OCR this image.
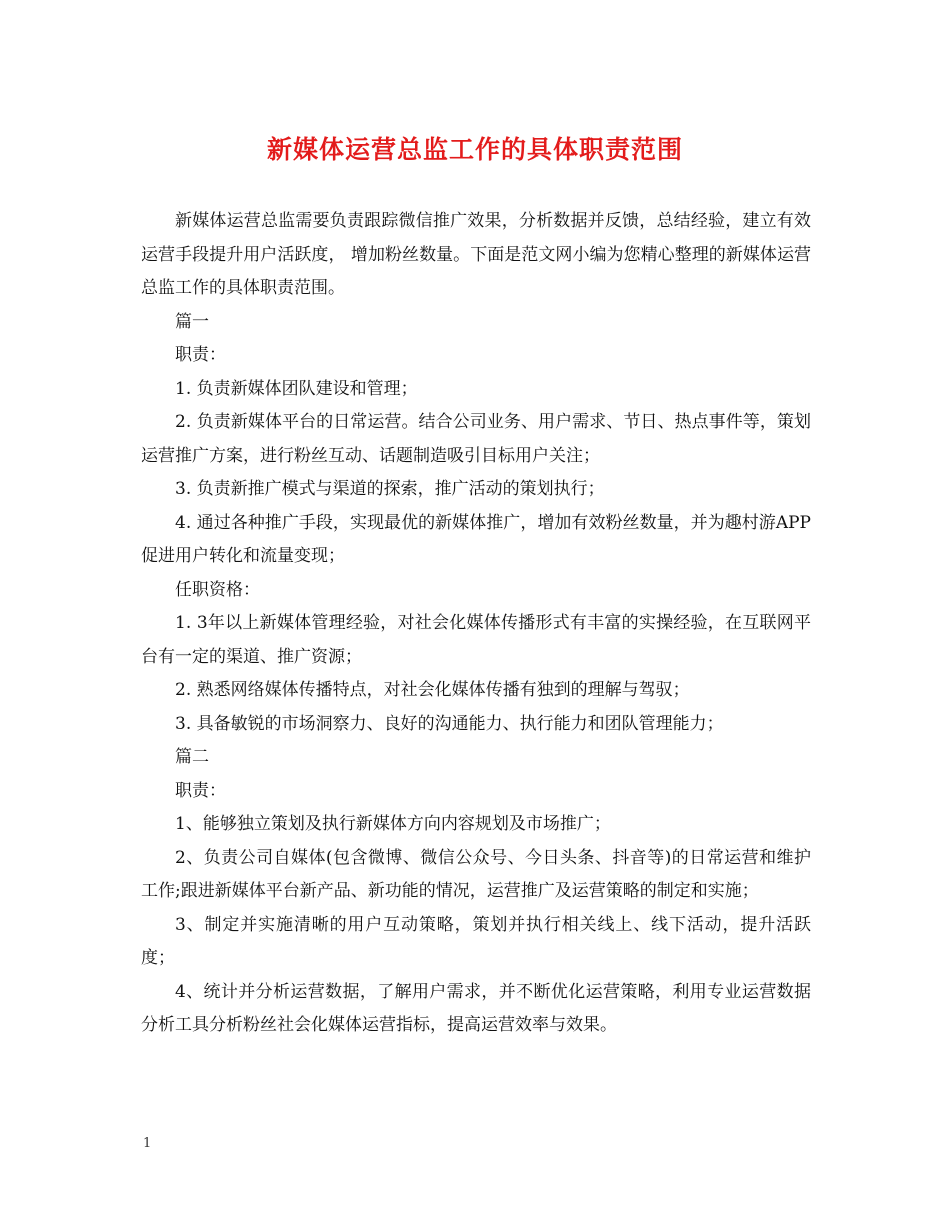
新媒体运营总监工作的具体职责范围

新媒体运营总监需要负责跟踪微信推广效果，分析数据并反馈，总结经验，建立有效运营手段提升用户活跃度， 增加粉丝数量。下面是范文网小编为您精心整理的新媒体运营总监工作的具体职责范围。

篇一

职责：

1. 负责新媒体团队建设和管理；

2. 负责新媒体平台的日常运营。结合公司业务、用户需求、节日、热点事件等，策划运营推广方案，进行粉丝互动、话题制造吸引目标用户关注；

3. 负责新推广模式与渠道的探索，推广活动的策划执行；

4. 通过各种推广手段，实现最优的新媒体推广，增加有效粉丝数量，并为趣村游APP促进用户转化和流量变现；

任职资格：

1. 3年以上新媒体管理经验，对社会化媒体传播形式有丰富的实操经验，在互联网平台有一定的渠道、推广资源；

2. 熟悉网络媒体传播特点，对社会化媒体传播有独到的理解与驾驭；

3. 具备敏锐的市场洞察力、良好的沟通能力、执行能力和团队管理能力；

篇二

职责：

1、能够独立策划及执行新媒体方向内容规划及市场推广；

2、负责公司自媒体(包含微博、微信公众号、今日头条、抖音等)的日常运营和维护工作;跟进新媒体平台新产品、新功能的情况，运营推广及运营策略的制定和实施；

3、制定并实施清晰的用户互动策略，策划并执行相关线上、线下活动，提升活跃度；

4、统计并分析运营数据，了解用户需求，并不断优化运营策略，利用专业运营数据分析工具分析粉丝社会化媒体运营指标，提高运营效率与效果。

1
